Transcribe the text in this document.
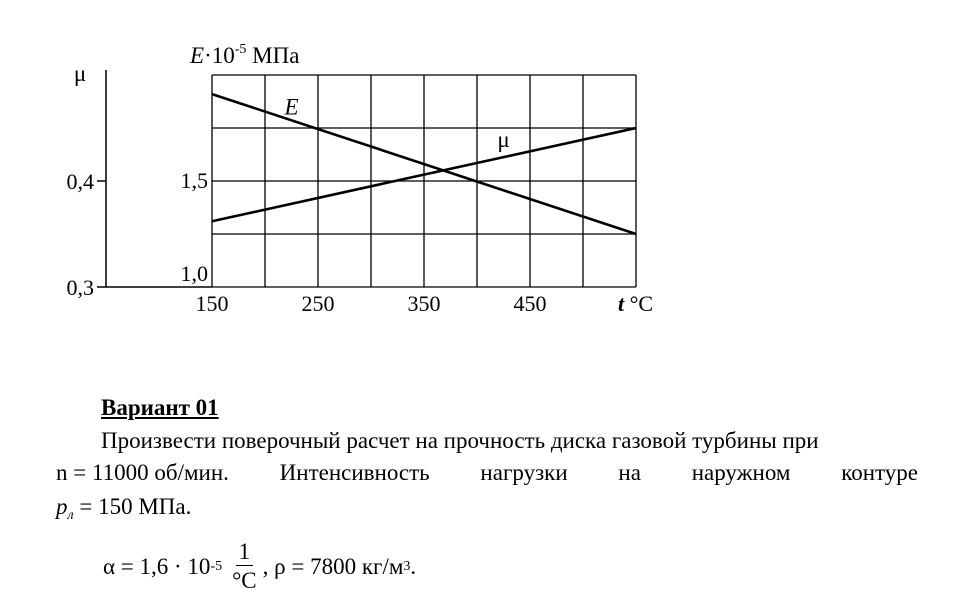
μ
0,3
0,4
1,0
1,5
$E\cdot 10^{-5}$ МПа
150	250	350	450	t °C
E
μ
Вариант 01
Произвести поверочный расчет на прочность диска газовой турбины при
n = 11000 об/мин. Интенсивность нагрузки на наружном контуре
$p_л = 150$ МПа.
α = 1,6 · 10 $-5 \frac{1}{^\circ C}$ , ρ = 7800 кг/м 3 .
